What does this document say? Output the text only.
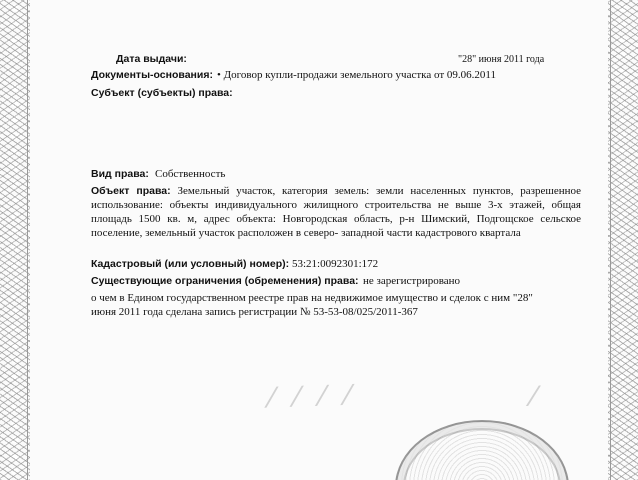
Дата выдачи:	"28" июня 2011 года
Документы-основания: • Договор купли-продажи земельного участка от 09.06.2011
Субъект (субъекты) права:
Вид права: Собственность
Объект права: Земельный участок, категория земель: земли населенных пунктов, разрешенное использование: объекты индивидуального жилищного строительства не выше 3-х этажей, общая площадь 1500 кв. м, адрес объекта: Новгородская область, р-н Шимский, Подгощское сельское поселение, земельный участок расположен в северо- западной части кадастрового квартала
Кадастровый (или условный) номер): 53:21:0092301:172
Существующие ограничения (обременения) права: не зарегистрировано
о чем в Едином государственном реестре прав на недвижимое имущество и сделок с ним "28"
июня 2011 года сделана запись регистрации № 53-53-08/025/2011-367
⁄ ⁄ ⁄ ⁄	⁄
